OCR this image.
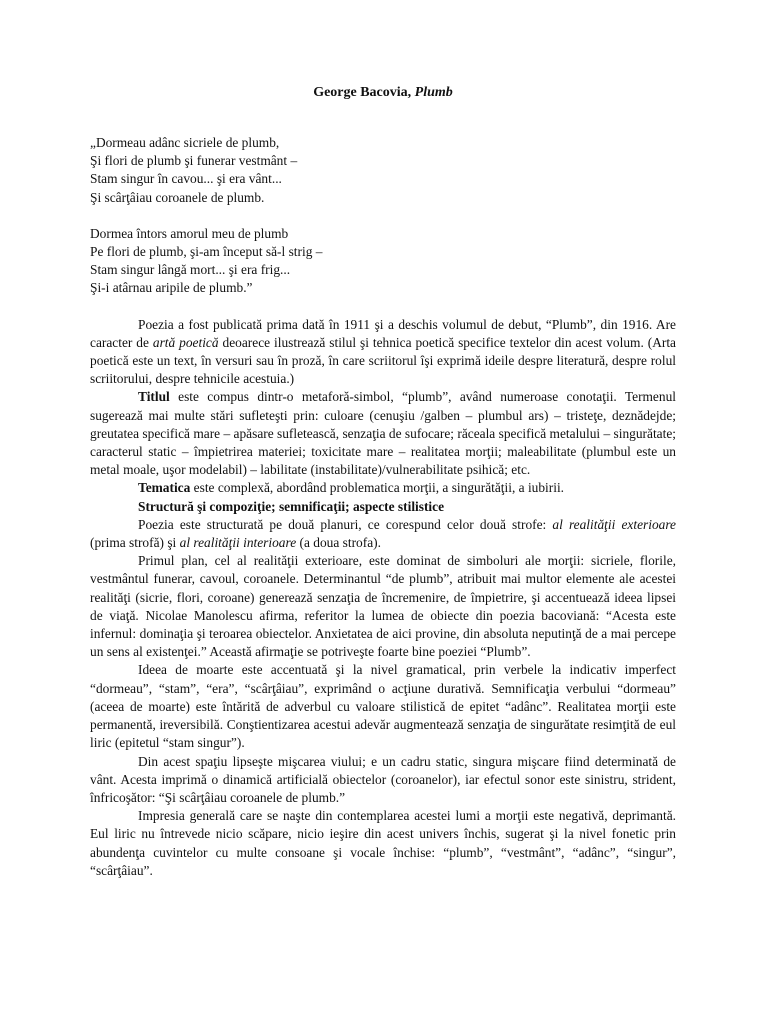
George Bacovia, Plumb
„Dormeau adânc sicriele de plumb,
Şi flori de plumb şi funerar vestmânt –
Stam singur în cavou... şi era vânt...
Şi scârţâiau coroanele de plumb.
Dormea întors amorul meu de plumb
Pe flori de plumb, şi-am început să-l strig –
Stam singur lângă mort... şi era frig...
Şi-i atârnau aripile de plumb.”

Poezia a fost publicată prima dată în 1911 şi a deschis volumul de debut, “Plumb”, din 1916. Are caracter de artă poetică deoarece ilustrează stilul şi tehnica poetică specifice textelor din acest volum. (Arta poetică este un text, în versuri sau în proză, în care scriitorul îşi exprimă ideile despre literatură, despre rolul scriitorului, despre tehnicile acestuia.)

Titlul este compus dintr-o metaforă-simbol, “plumb”, având numeroase conotaţii. Termenul sugerează mai multe stări sufleteşti prin: culoare (cenuşiu /galben – plumbul ars) – tristeţe, deznădejde; greutatea specifică mare – apăsare sufletească, senzaţia de sufocare; răceala specifică metalului – singurătate; caracterul static – împietrirea materiei; toxicitate mare – realitatea morţii; maleabilitate (plumbul este un metal moale, uşor modelabil) – labilitate (instabilitate)/vulnerabilitate psihică; etc.

Tematica este complexă, abordând problematica morţii, a singurătăţii, a iubirii.

Structură şi compoziţie; semnificaţii; aspecte stilistice

Poezia este structurată pe două planuri, ce corespund celor două strofe: al realităţii exterioare (prima strofă) şi al realităţii interioare (a doua strofa).

Primul plan, cel al realităţii exterioare, este dominat de simboluri ale morţii: sicriele, florile, vestmântul funerar, cavoul, coroanele. Determinantul “de plumb”, atribuit mai multor elemente ale acestei realităţi (sicrie, flori, coroane) generează senzaţia de încremenire, de împietrire, şi accentuează ideea lipsei de viaţă. Nicolae Manolescu afirma, referitor la lumea de obiecte din poezia bacoviană: “Acesta este infernul: dominaţia şi teroarea obiectelor. Anxietatea de aici provine, din absoluta neputinţă de a mai percepe un sens al existenţei.” Această afirmaţie se potriveşte foarte bine poeziei “Plumb”.

Ideea de moarte este accentuată şi la nivel gramatical, prin verbele la indicativ imperfect “dormeau”, “stam”, “era”, “scârţâiau”, exprimând o acţiune durativă. Semnificaţia verbului “dormeau” (aceea de moarte) este întărită de adverbul cu valoare stilistică de epitet “adânc”. Realitatea morţii este permanentă, ireversibilă. Conştientizarea acestui adevăr augmentează senzaţia de singurătate resimţită de eul liric (epitetul “stam singur”).

Din acest spaţiu lipseşte mişcarea viului; e un cadru static, singura mişcare fiind determinată de vânt. Acesta imprimă o dinamică artificială obiectelor (coroanelor), iar efectul sonor este sinistru, strident, înfricoşător: “Şi scârţâiau coroanele de plumb.”

Impresia generală care se naşte din contemplarea acestei lumi a morţii este negativă, deprimantă. Eul liric nu întrevede nicio scăpare, nicio ieşire din acest univers închis, sugerat şi la nivel fonetic prin abundenţa cuvintelor cu multe consoane şi vocale închise: “plumb”, “vestmânt”, “adânc”, “singur”, “scârţâiau”.
